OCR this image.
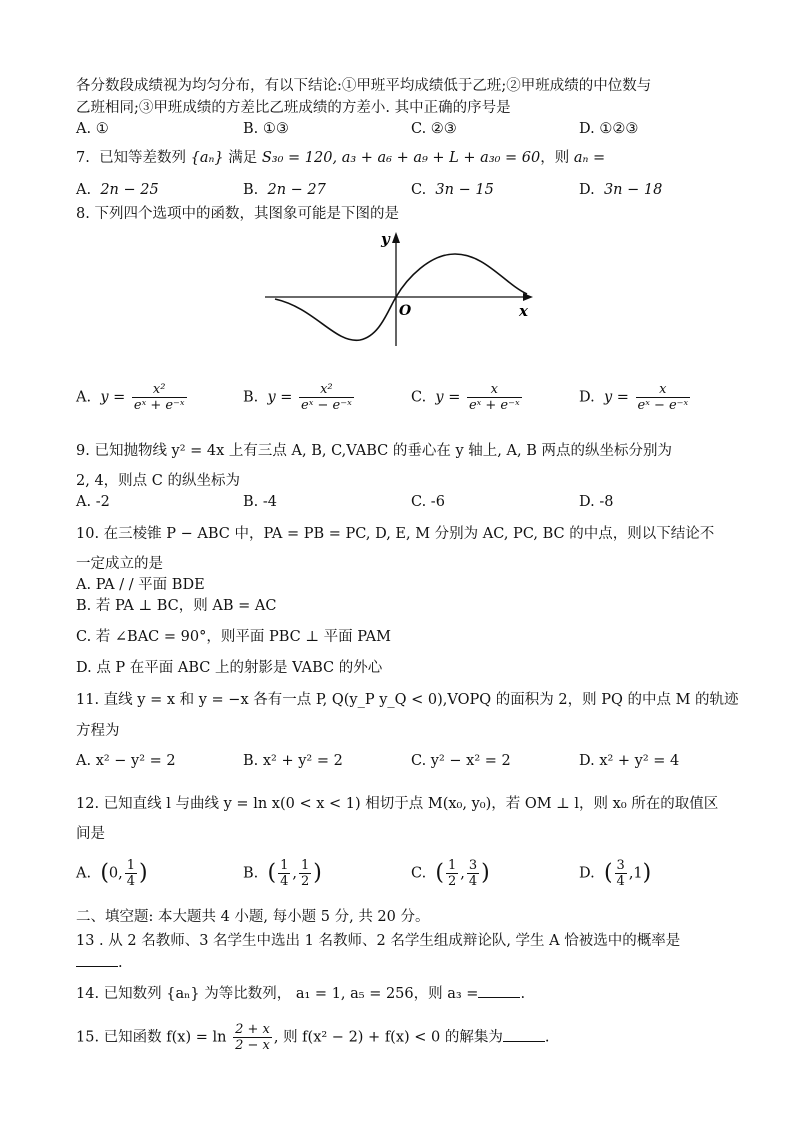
各分数段成绩视为均匀分布，有以下结论:①甲班平均成绩低于乙班;②甲班成绩的中位数与
乙班相同;③甲班成绩的方差比乙班成绩的方差小. 其中正确的序号是
A. ①	B. ①③	C. ②③	D. ①②③
7. 已知等差数列 {aₙ} 满足 S₃₀ = 120, a₃ + a₆ + a₉ + L + a₃₀ = 60，则 aₙ =
A.  2n − 25	B.  2n − 27	C.  3n − 15	D.  3n − 18
8. 下列四个选项中的函数，其图象可能是下图的是
y
x
O
A. $y = \frac{\text{x²}}{\text{eˣ + e⁻ˣ}}$	B. $y = \frac{\text{x²}}{\text{eˣ − e⁻ˣ}}$	C. $y = \frac{x}{\text{eˣ + e⁻ˣ}}$	D. $y = \frac{x}{\text{eˣ − e⁻ˣ}}$
9. 已知抛物线 y² = 4x 上有三点 A, B, C,VABC 的垂心在 y 轴上, A, B 两点的纵坐标分别为
2, 4，则点 C 的纵坐标为
A. -2	B. -4	C. -6	D. -8
10. 在三棱锥 P − ABC 中，PA = PB = PC, D, E, M 分别为 AC, PC, BC 的中点，则以下结论不
一定成立的是
A. PA / / 平面 BDE
B. 若 PA ⊥ BC，则 AB = AC
C. 若 ∠BAC = 90°，则平面 PBC ⊥ 平面 PAM
D. 点 P 在平面 ABC 上的射影是 VABC 的外心
11. 直线 y = x 和 y = −x 各有一点 P, Q(y_P y_Q < 0),VOPQ 的面积为 2，则 PQ 的中点 M 的轨迹
方程为
A. x² − y² = 2	B. x² + y² = 2	C. y² − x² = 2	D. x² + y² = 4
12. 已知直线 l 与曲线 y = ln x(0 < x < 1) 相切于点 M(x₀, y₀)，若 OM ⊥ l，则 x₀ 所在的取值区
间是
A. (0, $\frac{1}{4}$ )	B. ( $\frac{1}{4}$ , $\frac{1}{2}$ )	C. ( $\frac{1}{2}$ , $\frac{3}{4}$ )	D. ( $\frac{3}{4} ,1$)
二、填空题: 本大题共 4 小题, 每小题 5 分, 共 20 分。
13 . 从 2 名教师、3 名学生中选出 1 名教师、2 名学生组成辩论队, 学生 A 恰被选中的概率是
.
14. 已知数列 {aₙ} 为等比数列， a₁ = 1, a₅ = 256，则 a₃ =	.
15. 已知函数 $f(x) = \ln \frac{2 + x}{2 - x}$ , 则 f(x² − 2) + f(x) < 0 的解集为	.
